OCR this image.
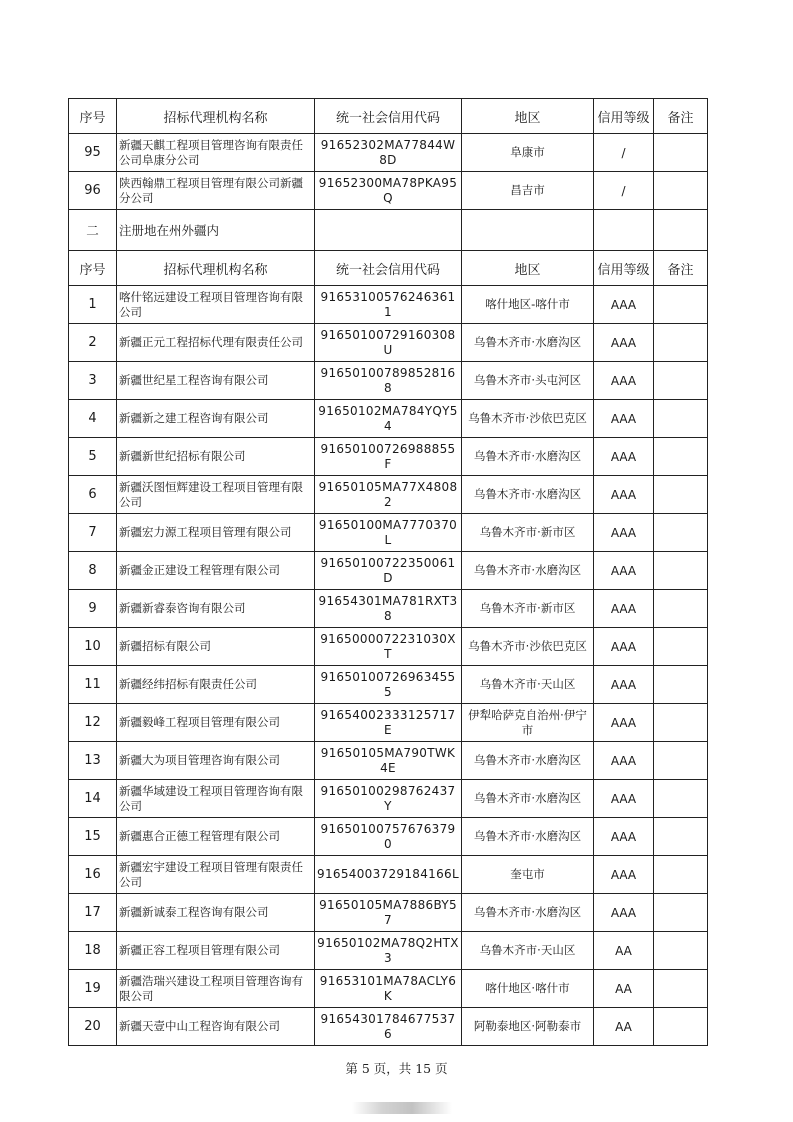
序号	招标代理机构名称	统一社会信用代码	地区	信用等级	备注
95	新疆天麒工程项目管理咨询有限责任公司阜康分公司	91652302MA77844W8D	阜康市	/	
96	陕西翰鼎工程项目管理有限公司新疆分公司	91652300MA78PKA95Q	昌吉市	/	
二	注册地在州外疆内				
序号	招标代理机构名称	统一社会信用代码	地区	信用等级	备注
1	喀什铭远建设工程项目管理咨询有限公司	916531005762463611	喀什地区-喀什市	AAA	
2	新疆正元工程招标代理有限责任公司	91650100729160308U	乌鲁木齐市·水磨沟区	AAA	
3	新疆世纪星工程咨询有限公司	916501007898528168	乌鲁木齐市·头屯河区	AAA	
4	新疆新之建工程咨询有限公司	91650102MA784YQY54	乌鲁木齐市·沙依巴克区	AAA	
5	新疆新世纪招标有限公司	91650100726988855F	乌鲁木齐市·水磨沟区	AAA	
6	新疆沃图恒辉建设工程项目管理有限公司	91650105MA77X48082	乌鲁木齐市·水磨沟区	AAA	
7	新疆宏力源工程项目管理有限公司	91650100MA7770370L	乌鲁木齐市·新市区	AAA	
8	新疆金正建设工程管理有限公司	91650100722350061D	乌鲁木齐市·水磨沟区	AAA	
9	新疆新睿泰咨询有限公司	91654301MA781RXT38	乌鲁木齐市·新市区	AAA	
10	新疆招标有限公司	9165000072231030XT	乌鲁木齐市·沙依巴克区	AAA	
11	新疆经纬招标有限责任公司	916501007269634555	乌鲁木齐市·天山区	AAA	
12	新疆毅峰工程项目管理有限公司	91654002333125717E	伊犁哈萨克自治州·伊宁市	AAA	
13	新疆大为项目管理咨询有限公司	91650105MA790TWK4E	乌鲁木齐市·水磨沟区	AAA	
14	新疆华域建设工程项目管理咨询有限公司	91650100298762437Y	乌鲁木齐市·水磨沟区	AAA	
15	新疆惠合正德工程管理有限公司	916501007576763790	乌鲁木齐市·水磨沟区	AAA	
16	新疆宏宇建设工程项目管理有限责任公司	91654003729184166L	奎屯市	AAA	
17	新疆新诚泰工程咨询有限公司	91650105MA7886BY57	乌鲁木齐市·水磨沟区	AAA	
18	新疆正容工程项目管理有限公司	91650102MA78Q2HTX3	乌鲁木齐市·天山区	AA	
19	新疆浩瑞兴建设工程项目管理咨询有限公司	91653101MA78ACLY6K	喀什地区·喀什市	AA	
20	新疆天壹中山工程咨询有限公司	916543017846775376	阿勒泰地区·阿勒泰市	AA	
第 5 页，共 15 页
